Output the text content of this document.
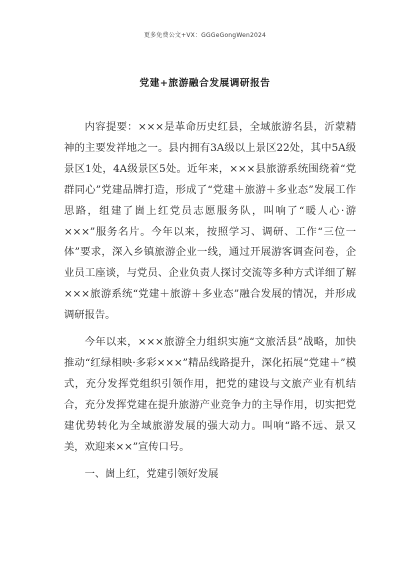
更多免费公文+VX：GGGeGongWen2024
党建+旅游融合发展调研报告

内容提要：×××是革命历史红县，全域旅游名县，沂蒙精神的主要发祥地之一。县内拥有3A级以上景区22处，其中5A级景区1处，4A级景区5处。近年来，×××县旅游系统围绕着“党群同心”党建品牌打造，形成了“党建＋旅游＋多业态”发展工作思路，组建了崮上红党员志愿服务队，叫响了“暖人心·游×××”服务名片。今年以来，按照学习、调研、工作“三位一体”要求，深入乡镇旅游企业一线，通过开展游客调查问卷，企业员工座谈，与党员、企业负责人探讨交流等多种方式详细了解×××旅游系统“党建＋旅游＋多业态”融合发展的情况，并形成调研报告。

今年以来，×××旅游全力组织实施“文旅活县”战略，加快推动“红绿相映·多彩×××”精品线路提升，深化拓展“党建＋”模式，充分发挥党组织引领作用，把党的建设与文旅产业有机结合，充分发挥党建在提升旅游产业竞争力的主导作用，切实把党建优势转化为全域旅游发展的强大动力。叫响“路不远、景又美，欢迎来××”宣传口号。

一、崮上红，党建引领好发展
